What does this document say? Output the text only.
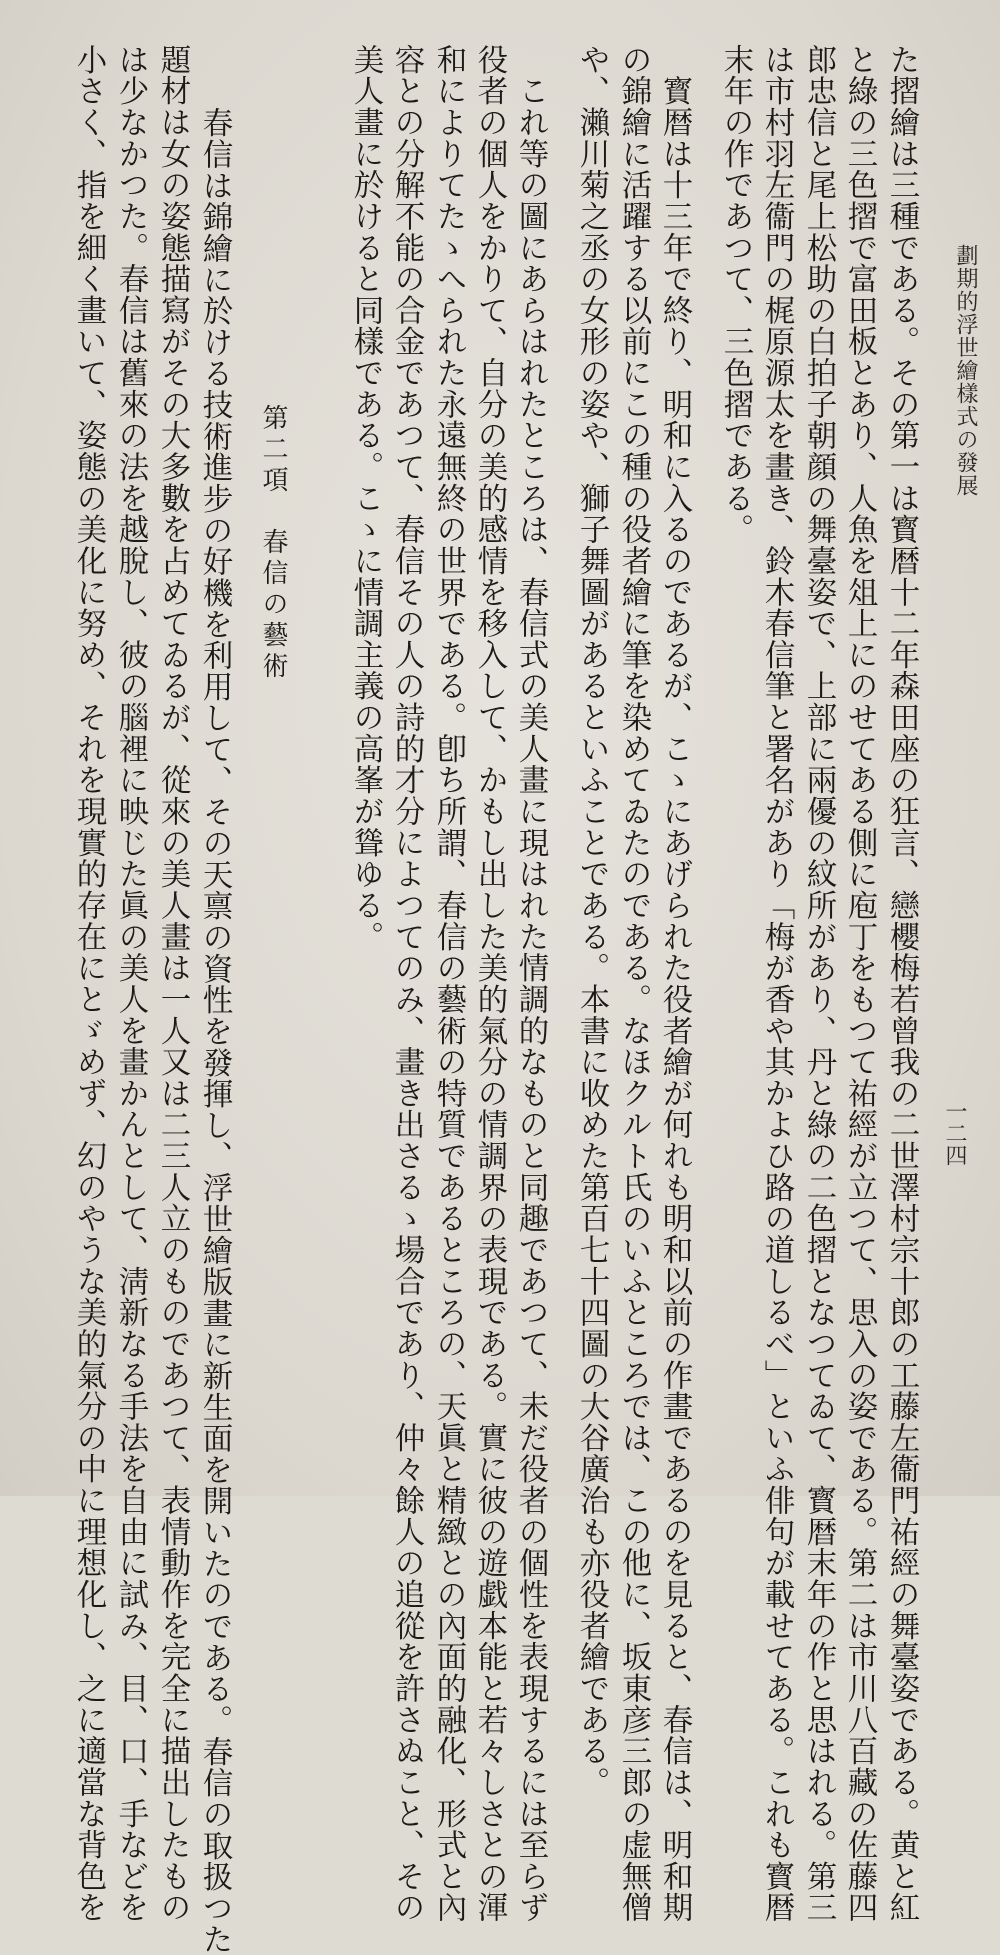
劃期的浮世繪樣式の發展
一二四
た摺繪は三種である。その第一は寳暦十二年森田座の狂言、戀櫻梅若曾我の二世澤村宗十郎の工藤左衞門祐經の舞臺姿である。黄と紅
と綠の三色摺で富田板とあり、人魚を俎上にのせてある側に庖丁をもつて祐經が立つて、思入の姿である。第二は市川八百藏の佐藤四
郎忠信と尾上松助の白拍子朝顔の舞臺姿で、上部に兩優の紋所があり、丹と綠の二色摺となつてゐて、寳暦末年の作と思はれる。第三
は市村羽左衞門の梶原源太を畫き、鈴木春信筆と署名があり「梅が香や其かよひ路の道しるべ」といふ俳句が載せてある。これも寳暦
末年の作であつて、三色摺である。
　寳暦は十三年で終り、明和に入るのであるが、こゝにあげられた役者繪が何れも明和以前の作畫であるのを見ると、春信は、明和期
の錦繪に活躍する以前にこの種の役者繪に筆を染めてゐたのである。なほクルト氏のいふところでは、この他に、坂東彦三郎の虚無僧
や、瀨川菊之丞の女形の姿や、獅子舞圖があるといふことである。本書に收めた第百七十四圖の大谷廣治も亦役者繪である。
　これ等の圖にあらはれたところは、春信式の美人畫に現はれた情調的なものと同趣であつて、未だ役者の個性を表現するには至らず
役者の個人をかりて、自分の美的感情を移入して、かもし出した美的氣分の情調界の表現である。實に彼の遊戯本能と若々しさとの渾
和によりてたゝへられた永遠無終の世界である。卽ち所謂、春信の藝術の特質であるところの、天眞と精緻との內面的融化、形式と內
容との分解不能の合金であつて、春信その人の詩的才分によつてのみ、畫き出さるゝ場合であり、仲々餘人の追從を許さぬこと、その
美人畫に於けると同樣である。こゝに情調主義の高峯が聳ゆる。
第二項　春信の藝術
　春信は錦繪に於ける技術進步の好機を利用して、その天禀の資性を發揮し、浮世繪版畫に新生面を開いたのである。春信の取扱つた
題材は女の姿態描寫がその大多數を占めてゐるが、從來の美人畫は一人又は二三人立のものであつて、表情動作を完全に描出したもの
は少なかつた。春信は舊來の法を越脫し、彼の腦裡に映じた眞の美人を畫かんとして、淸新なる手法を自由に試み、目、口、手などを
小さく、指を細く畫いて、姿態の美化に努め、それを現實的存在にとゞめず、幻のやうな美的氣分の中に理想化し、之に適當な背色を
